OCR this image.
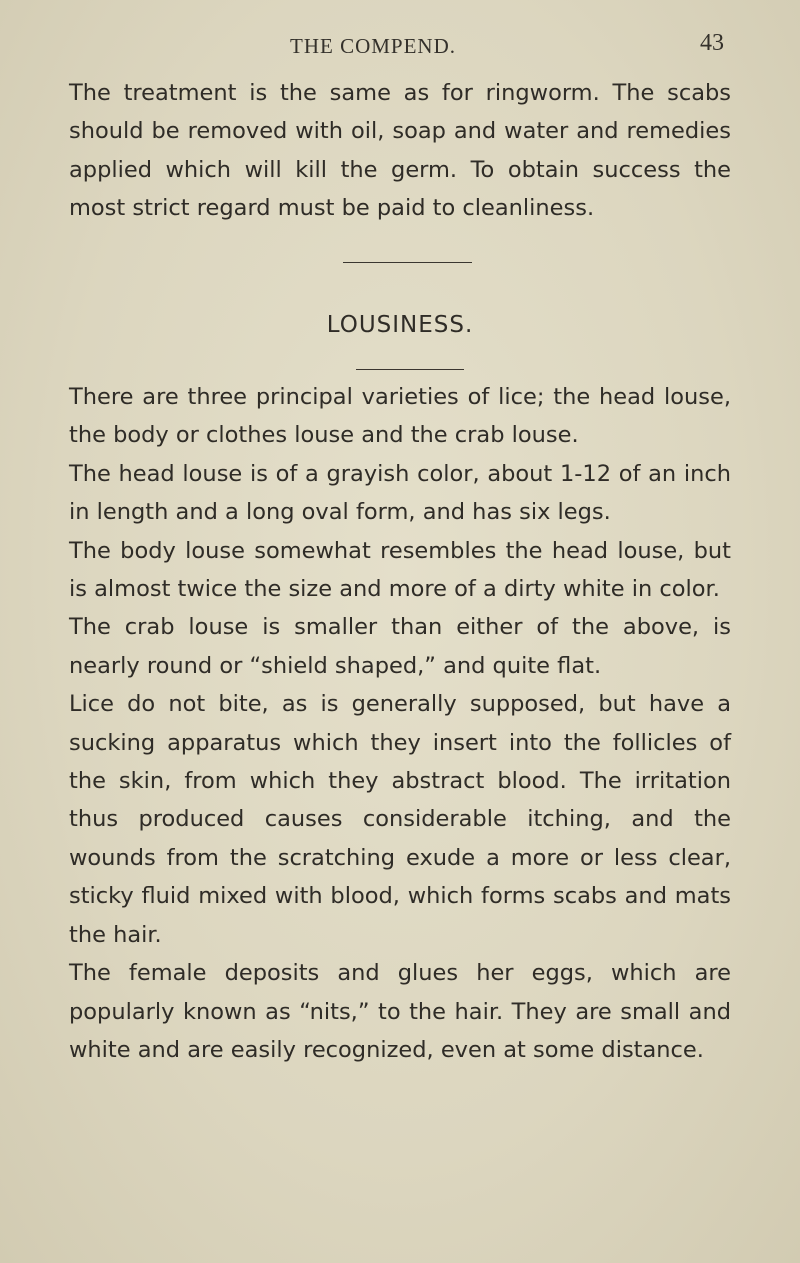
THE COMPEND.	43

The treatment is the same as for ringworm. The scabs should be removed with oil, soap and water and remedies applied which will kill the germ. To obtain success the most strict regard must be paid to cleanliness.

LOUSINESS.

There are three principal varieties of lice; the head louse, the body or clothes louse and the crab louse.

The head louse is of a grayish color, about 1-12 of an inch in length and a long oval form, and has six legs.

The body louse somewhat resembles the head louse, but is almost twice the size and more of a dirty white in color.

The crab louse is smaller than either of the above, is nearly round or “shield shaped,” and quite flat.

Lice do not bite, as is generally supposed, but have a sucking apparatus which they insert into the follicles of the skin, from which they abstract blood. The irritation thus produced causes considerable itching, and the wounds from the scratching exude a more or less clear, sticky fluid mixed with blood, which forms scabs and mats the hair.

The female deposits and glues her eggs, which are popularly known as “nits,” to the hair. They are small and white and are easily recognized, even at some distance.
